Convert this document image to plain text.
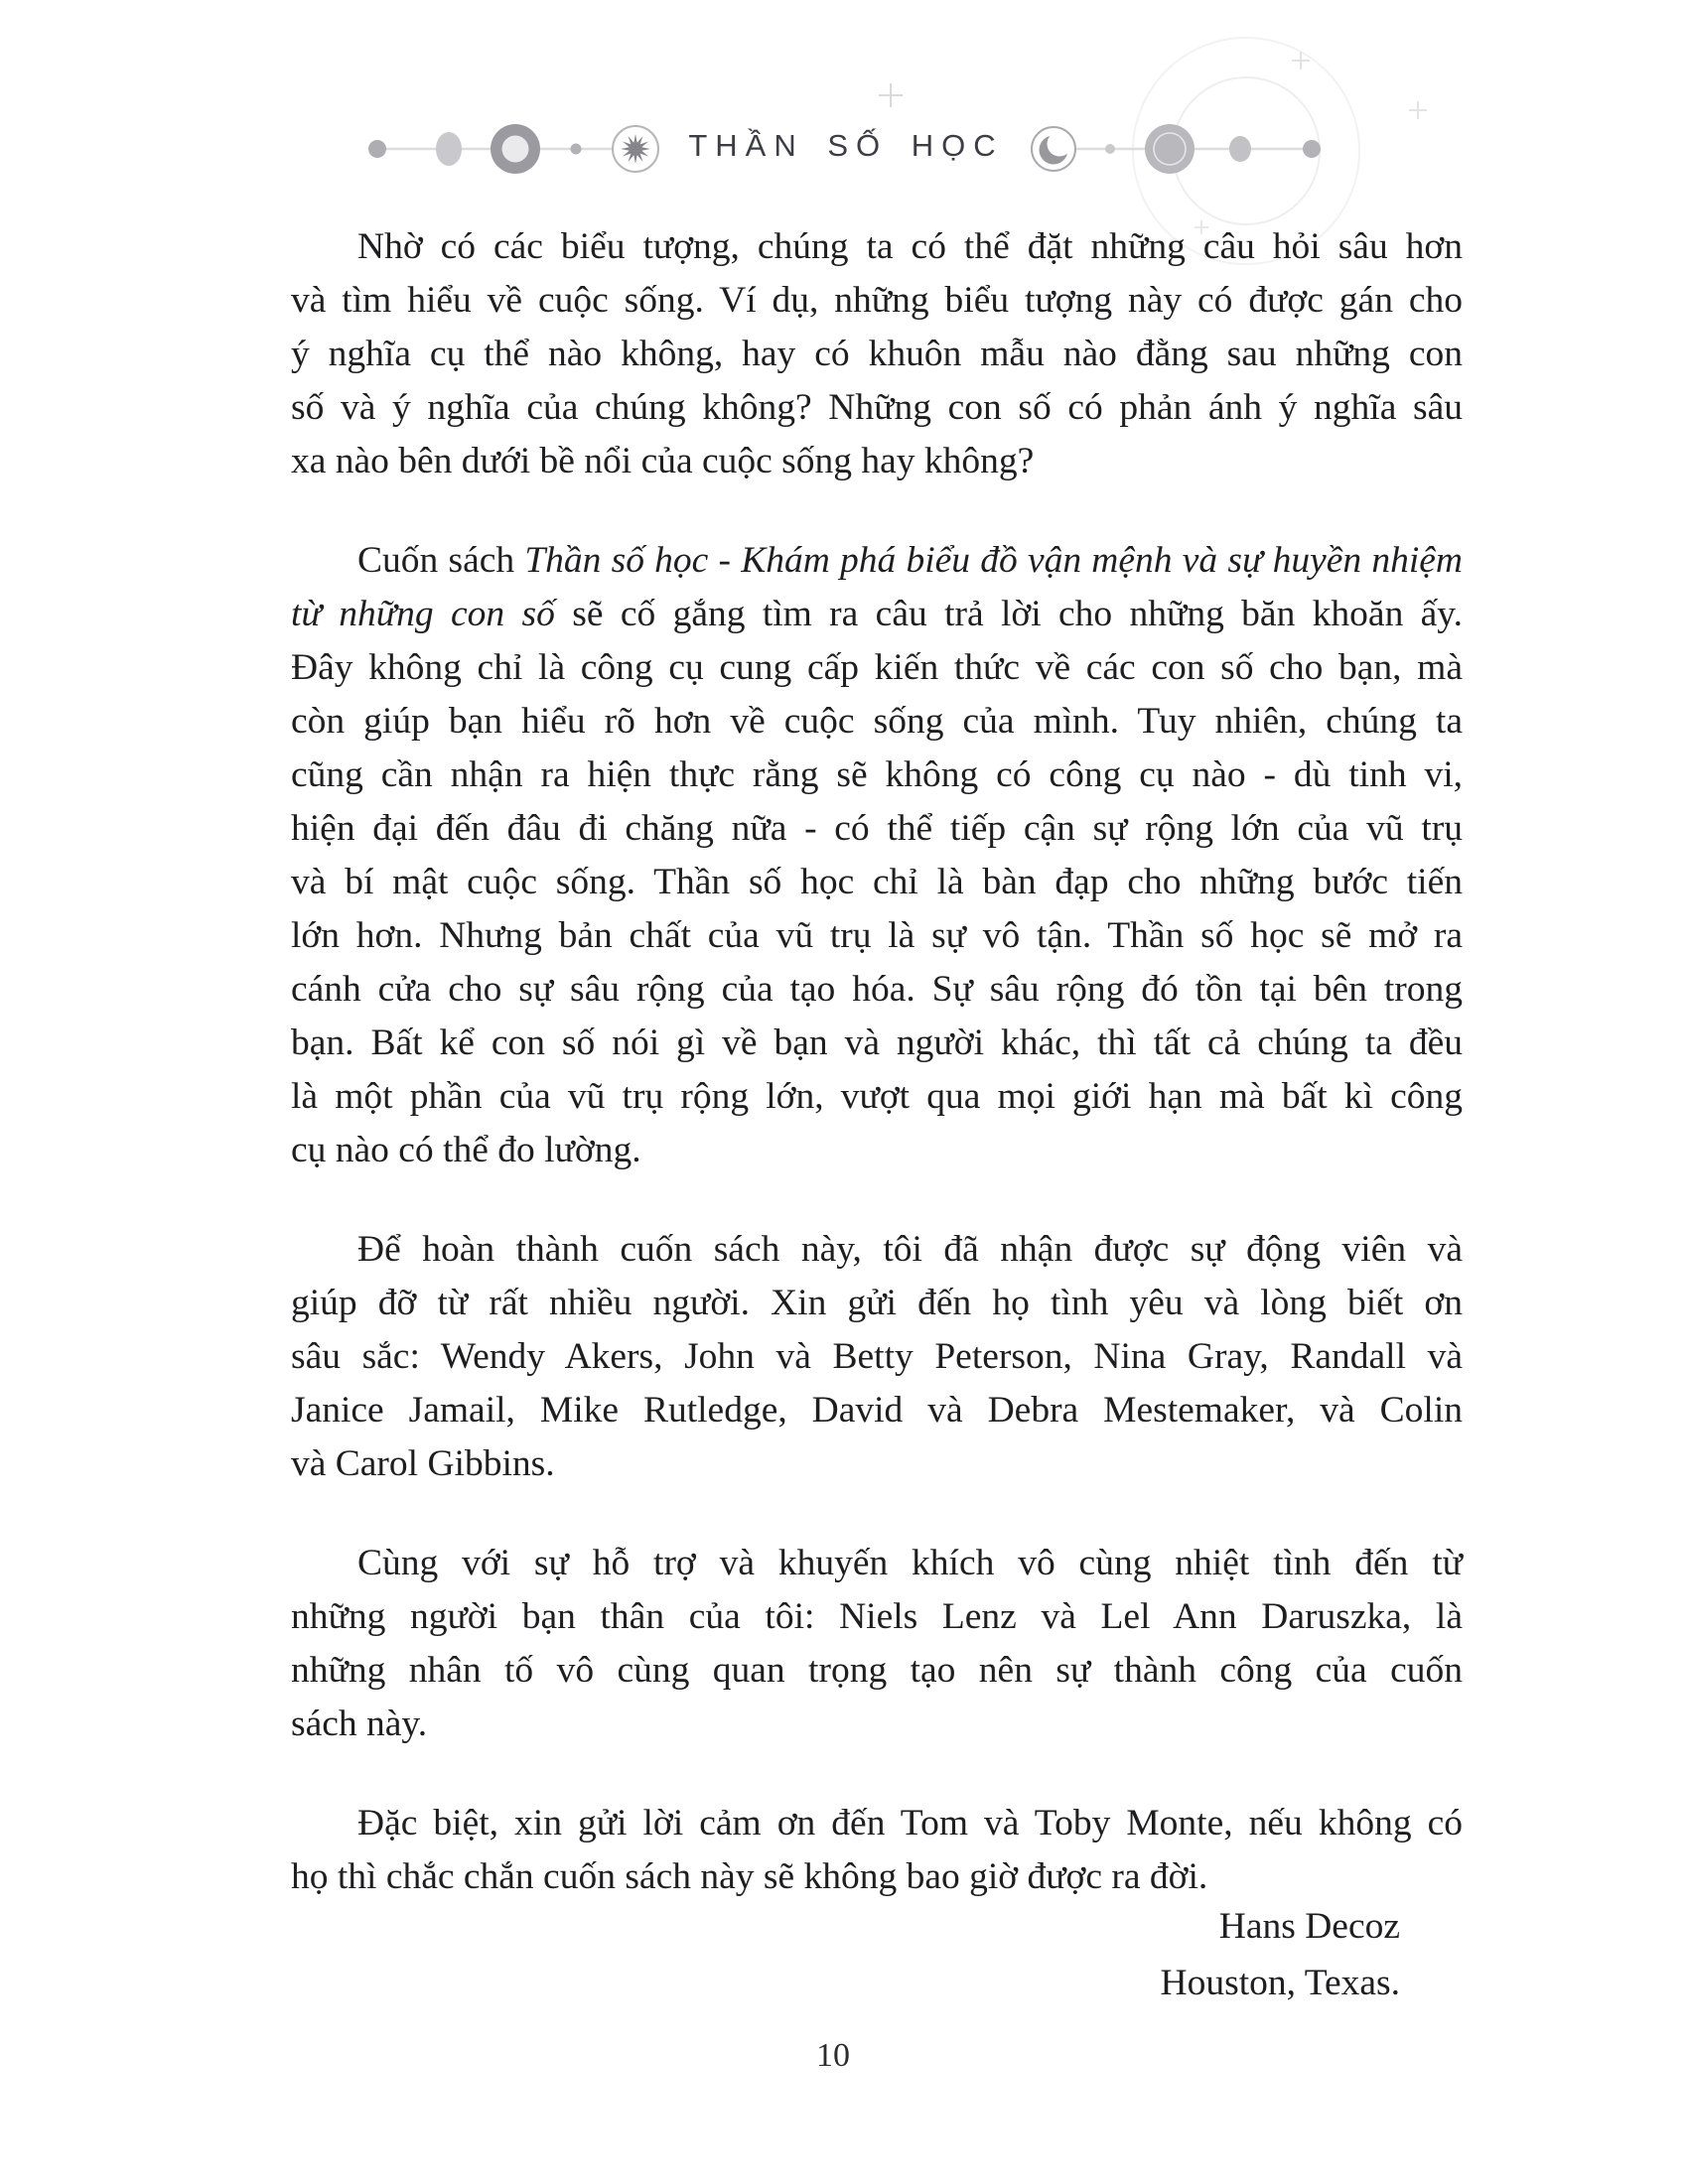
THẦN SỐ HỌC
Nhờ có các biểu tượng, chúng ta có thể đặt những câu hỏi sâu hơn
và tìm hiểu về cuộc sống. Ví dụ, những biểu tượng này có được gán cho
ý nghĩa cụ thể nào không, hay có khuôn mẫu nào đằng sau những con
số và ý nghĩa của chúng không? Những con số có phản ánh ý nghĩa sâu
xa nào bên dưới bề nổi của cuộc sống hay không?
Cuốn sách Thần số học - Khám phá biểu đồ vận mệnh và sự huyền nhiệm
từ những con số sẽ cố gắng tìm ra câu trả lời cho những băn khoăn ấy.
Đây không chỉ là công cụ cung cấp kiến thức về các con số cho bạn, mà
còn giúp bạn hiểu rõ hơn về cuộc sống của mình. Tuy nhiên, chúng ta
cũng cần nhận ra hiện thực rằng sẽ không có công cụ nào - dù tinh vi,
hiện đại đến đâu đi chăng nữa - có thể tiếp cận sự rộng lớn của vũ trụ
và bí mật cuộc sống. Thần số học chỉ là bàn đạp cho những bước tiến
lớn hơn. Nhưng bản chất của vũ trụ là sự vô tận. Thần số học sẽ mở ra
cánh cửa cho sự sâu rộng của tạo hóa. Sự sâu rộng đó tồn tại bên trong
bạn. Bất kể con số nói gì về bạn và người khác, thì tất cả chúng ta đều
là một phần của vũ trụ rộng lớn, vượt qua mọi giới hạn mà bất kì công
cụ nào có thể đo lường.
Để hoàn thành cuốn sách này, tôi đã nhận được sự động viên và
giúp đỡ từ rất nhiều người. Xin gửi đến họ tình yêu và lòng biết ơn
sâu sắc: Wendy Akers, John và Betty Peterson, Nina Gray, Randall và
Janice Jamail, Mike Rutledge, David và Debra Mestemaker, và Colin
và Carol Gibbins.
Cùng với sự hỗ trợ và khuyến khích vô cùng nhiệt tình đến từ
những người bạn thân của tôi: Niels Lenz và Lel Ann Daruszka, là
những nhân tố vô cùng quan trọng tạo nên sự thành công của cuốn
sách này.
Đặc biệt, xin gửi lời cảm ơn đến Tom và Toby Monte, nếu không có
họ thì chắc chắn cuốn sách này sẽ không bao giờ được ra đời.
Hans Decoz
Houston, Texas.
10
